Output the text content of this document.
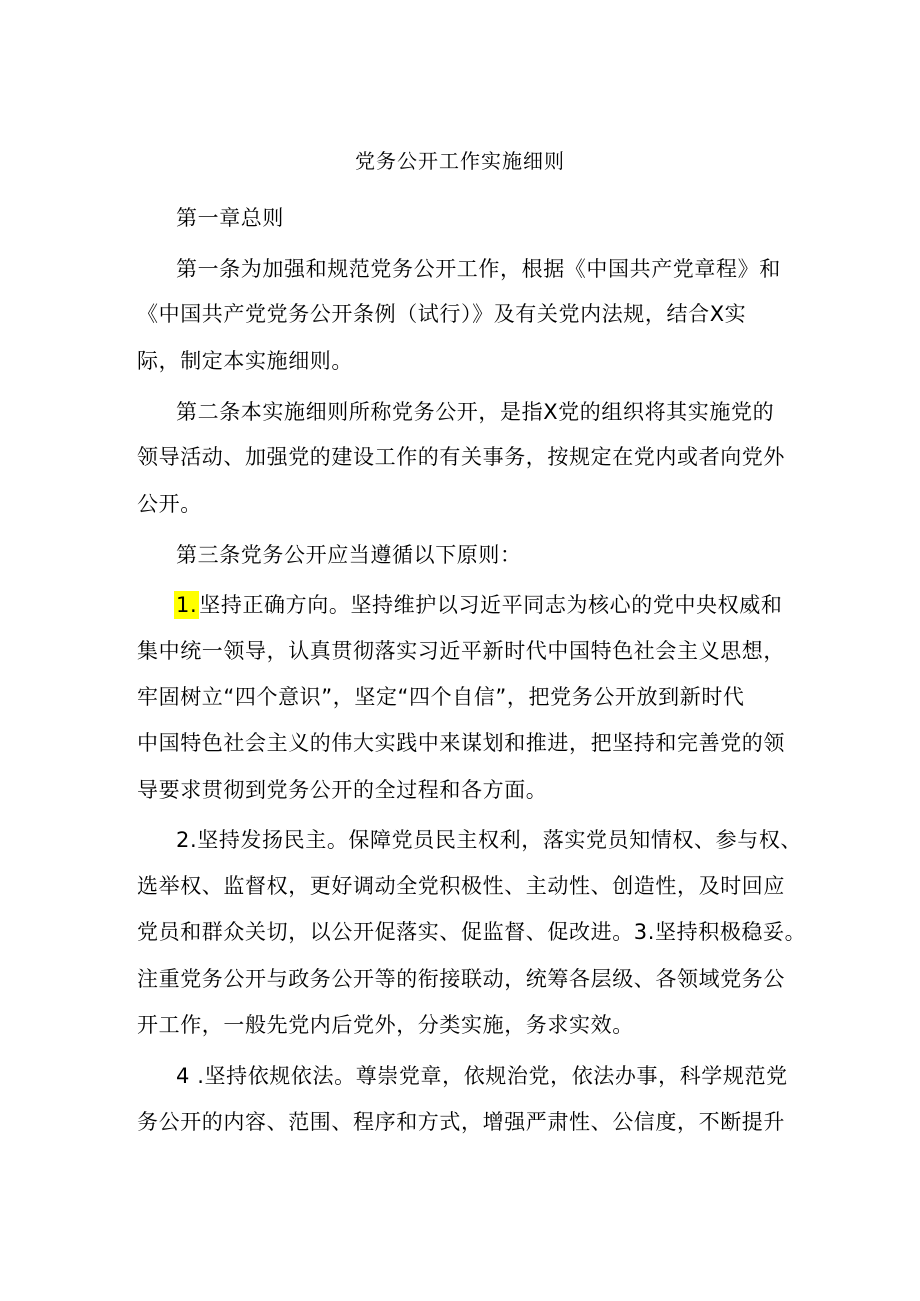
党务公开工作实施细则
第一章总则
第一条为加强和规范党务公开工作，根据《中国共产党章程》和
《中国共产党党务公开条例（试行）》及有关党内法规，结合X实
际，制定本实施细则。
第二条本实施细则所称党务公开，是指X党的组织将其实施党的
领导活动、加强党的建设工作的有关事务，按规定在党内或者向党外
公开。
第三条党务公开应当遵循以下原则：
1.坚持正确方向。坚持维护以习近平同志为核心的党中央权威和
集中统一领导，认真贯彻落实习近平新时代中国特色社会主义思想，
牢固树立“四个意识”，坚定“四个自信”，把党务公开放到新时代
中国特色社会主义的伟大实践中来谋划和推进，把坚持和完善党的领
导要求贯彻到党务公开的全过程和各方面。
2.坚持发扬民主。保障党员民主权利，落实党员知情权、参与权、
选举权、监督权，更好调动全党积极性、主动性、创造性，及时回应
党员和群众关切，以公开促落实、促监督、促改进。3.坚持积极稳妥。
注重党务公开与政务公开等的衔接联动，统筹各层级、各领域党务公
开工作，一般先党内后党外，分类实施，务求实效。
4 .坚持依规依法。尊崇党章，依规治党，依法办事，科学规范党
务公开的内容、范围、程序和方式，增强严肃性、公信度，不断提升
